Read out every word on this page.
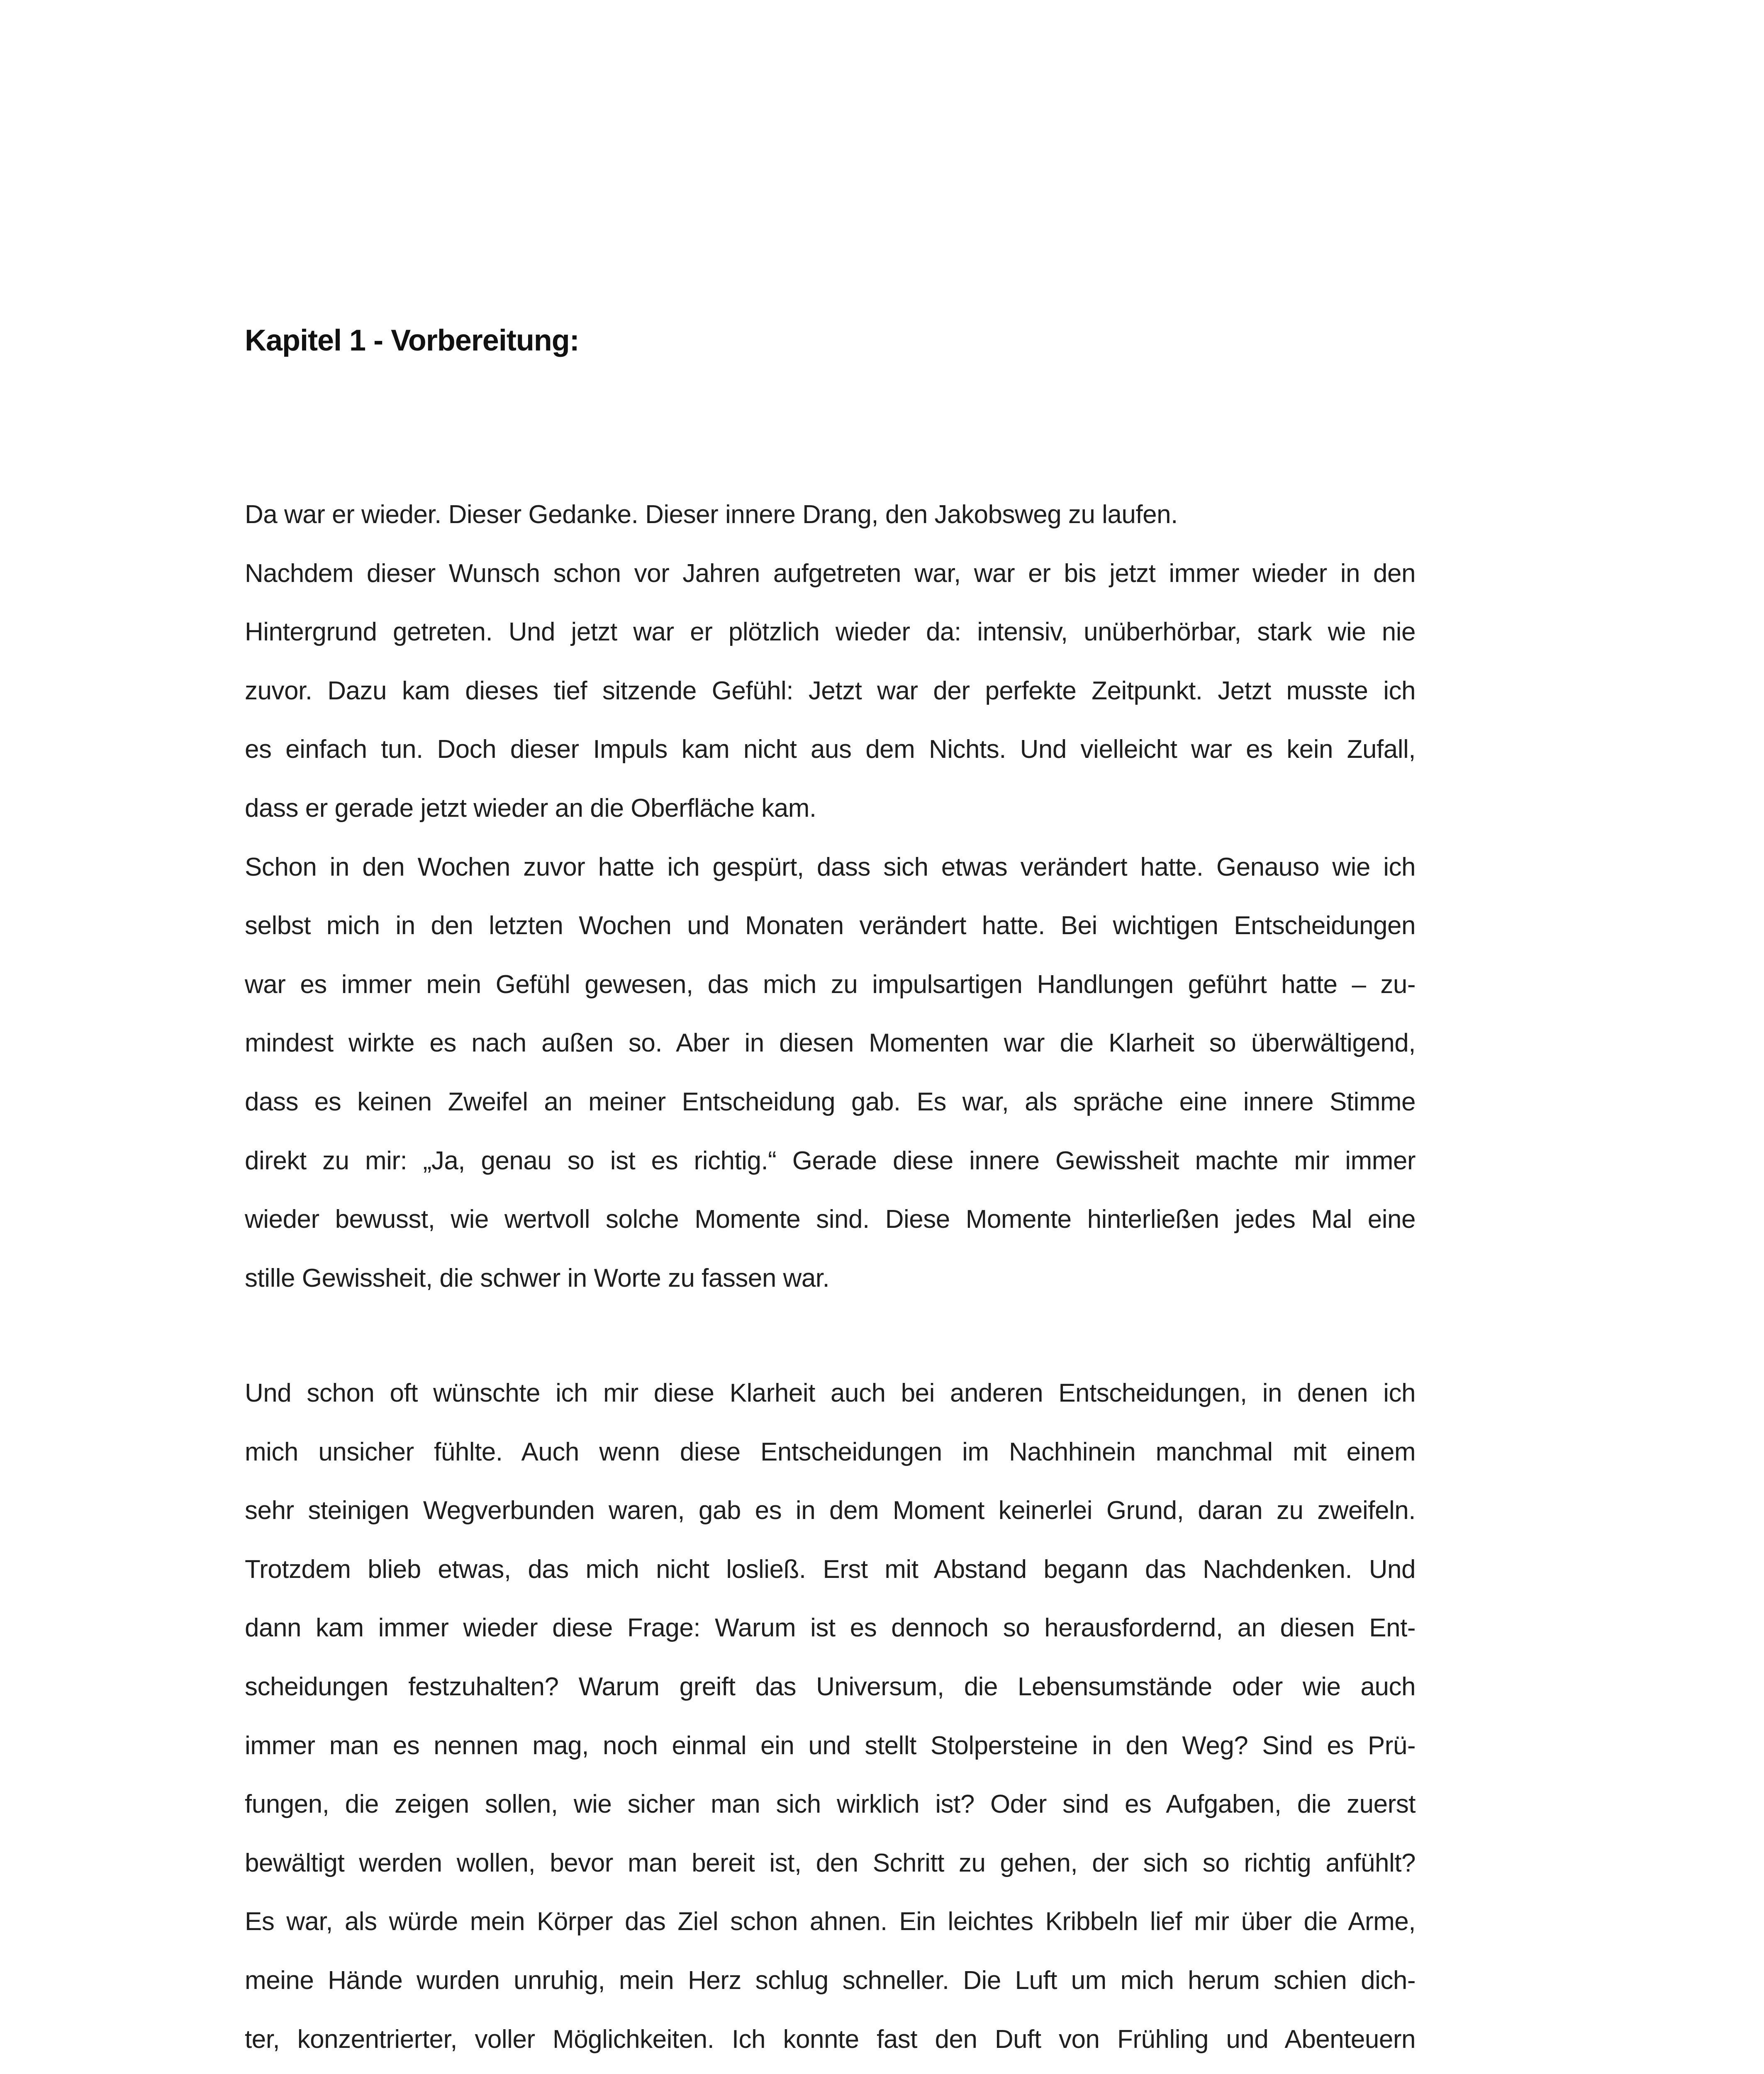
Kapitel 1 - Vorbereitung:
Da war er wieder. Dieser Gedanke. Dieser innere Drang, den Jakobsweg zu laufen.
Nachdem dieser Wunsch schon vor Jahren aufgetreten war, war er bis jetzt immer wieder in den
Hintergrund getreten. Und jetzt war er plötzlich wieder da: intensiv, unüberhörbar, stark wie nie
zuvor. Dazu kam dieses tief sitzende Gefühl: Jetzt war der perfekte Zeitpunkt. Jetzt musste ich
es einfach tun. Doch dieser Impuls kam nicht aus dem Nichts. Und vielleicht war es kein Zufall,
dass er gerade jetzt wieder an die Oberfläche kam.
Schon in den Wochen zuvor hatte ich gespürt, dass sich etwas verändert hatte. Genauso wie ich
selbst mich in den letzten Wochen und Monaten verändert hatte. Bei wichtigen Entscheidungen
war es immer mein Gefühl gewesen, das mich zu impulsartigen Handlungen geführt hatte – zu-
mindest wirkte es nach außen so. Aber in diesen Momenten war die Klarheit so überwältigend,
dass es keinen Zweifel an meiner Entscheidung gab. Es war, als spräche eine innere Stimme
direkt zu mir: „Ja, genau so ist es richtig.“ Gerade diese innere Gewissheit machte mir immer
wieder bewusst, wie wertvoll solche Momente sind. Diese Momente hinterließen jedes Mal eine
stille Gewissheit, die schwer in Worte zu fassen war.
Und schon oft wünschte ich mir diese Klarheit auch bei anderen Entscheidungen, in denen ich
mich unsicher fühlte. Auch wenn diese Entscheidungen im Nachhinein manchmal mit einem
sehr steinigen Wegverbunden waren, gab es in dem Moment keinerlei Grund, daran zu zweifeln.
Trotzdem blieb etwas, das mich nicht losließ. Erst mit Abstand begann das Nachdenken. Und
dann kam immer wieder diese Frage: Warum ist es dennoch so herausfordernd, an diesen Ent-
scheidungen festzuhalten? Warum greift das Universum, die Lebensumstände oder wie auch
immer man es nennen mag, noch einmal ein und stellt Stolpersteine in den Weg? Sind es Prü-
fungen, die zeigen sollen, wie sicher man sich wirklich ist? Oder sind es Aufgaben, die zuerst
bewältigt werden wollen, bevor man bereit ist, den Schritt zu gehen, der sich so richtig anfühlt?
Es war, als würde mein Körper das Ziel schon ahnen. Ein leichtes Kribbeln lief mir über die Arme,
meine Hände wurden unruhig, mein Herz schlug schneller. Die Luft um mich herum schien dich-
ter, konzentrierter, voller Möglichkeiten. Ich konnte fast den Duft von Frühling und Abenteuern
